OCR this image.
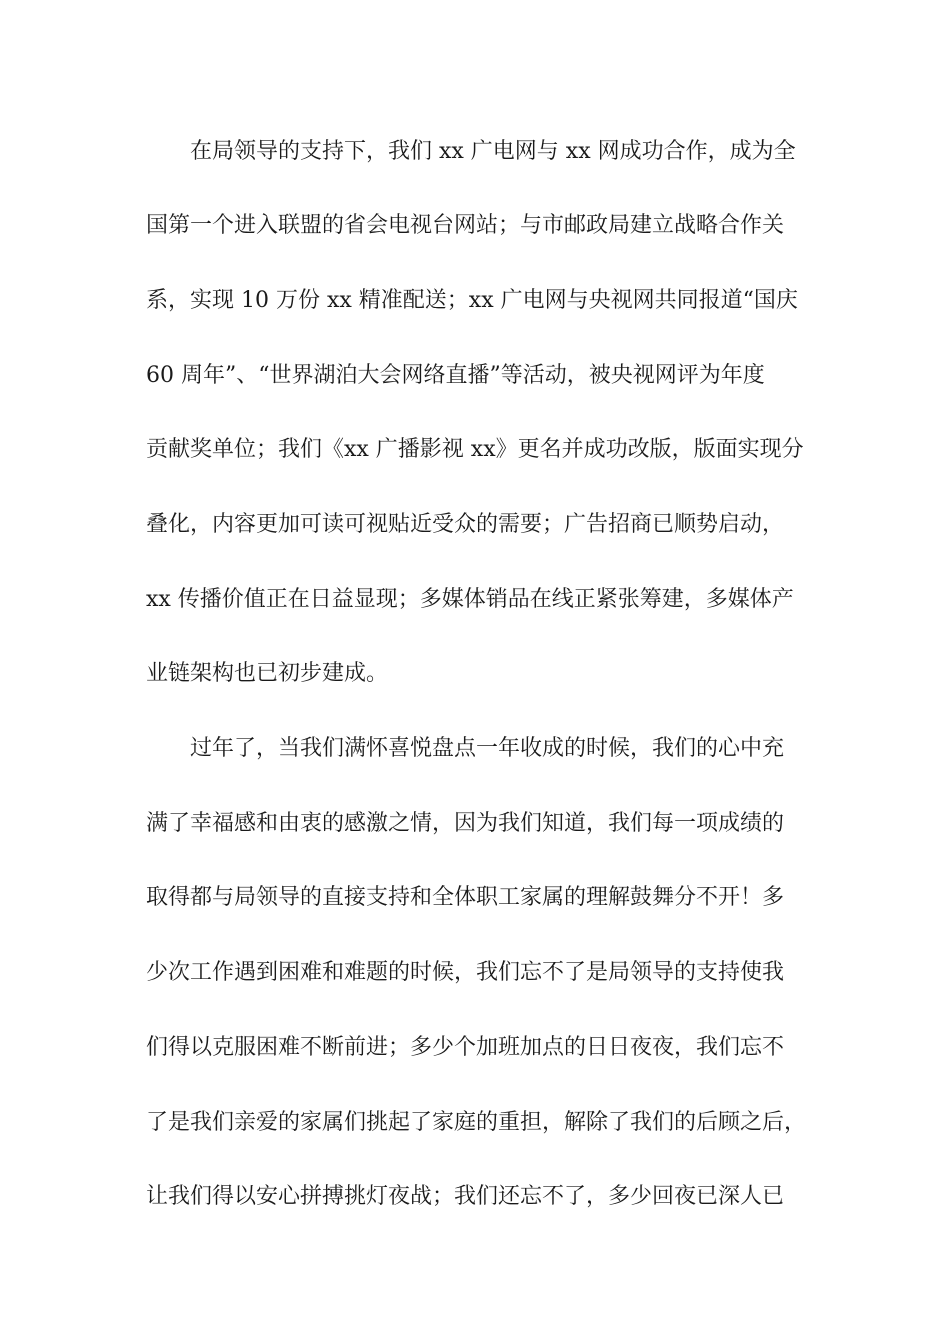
在局领导的支持下，我们 xx 广电网与 xx 网成功合作，成为全
国第一个进入联盟的省会电视台网站；与市邮政局建立战略合作关
系，实现 10 万份 xx 精准配送；xx 广电网与央视网共同报道“国庆
60 周年”、“世界湖泊大会网络直播”等活动，被央视网评为年度
贡献奖单位；我们《xx 广播影视 xx》更名并成功改版，版面实现分
叠化，内容更加可读可视贴近受众的需要；广告招商已顺势启动，
xx 传播价值正在日益显现；多媒体销品在线正紧张筹建，多媒体产
业链架构也已初步建成。
过年了，当我们满怀喜悦盘点一年收成的时候，我们的心中充
满了幸福感和由衷的感激之情，因为我们知道，我们每一项成绩的
取得都与局领导的直接支持和全体职工家属的理解鼓舞分不开！多
少次工作遇到困难和难题的时候，我们忘不了是局领导的支持使我
们得以克服困难不断前进；多少个加班加点的日日夜夜，我们忘不
了是我们亲爱的家属们挑起了家庭的重担，解除了我们的后顾之后，
让我们得以安心拼搏挑灯夜战；我们还忘不了，多少回夜已深人已
